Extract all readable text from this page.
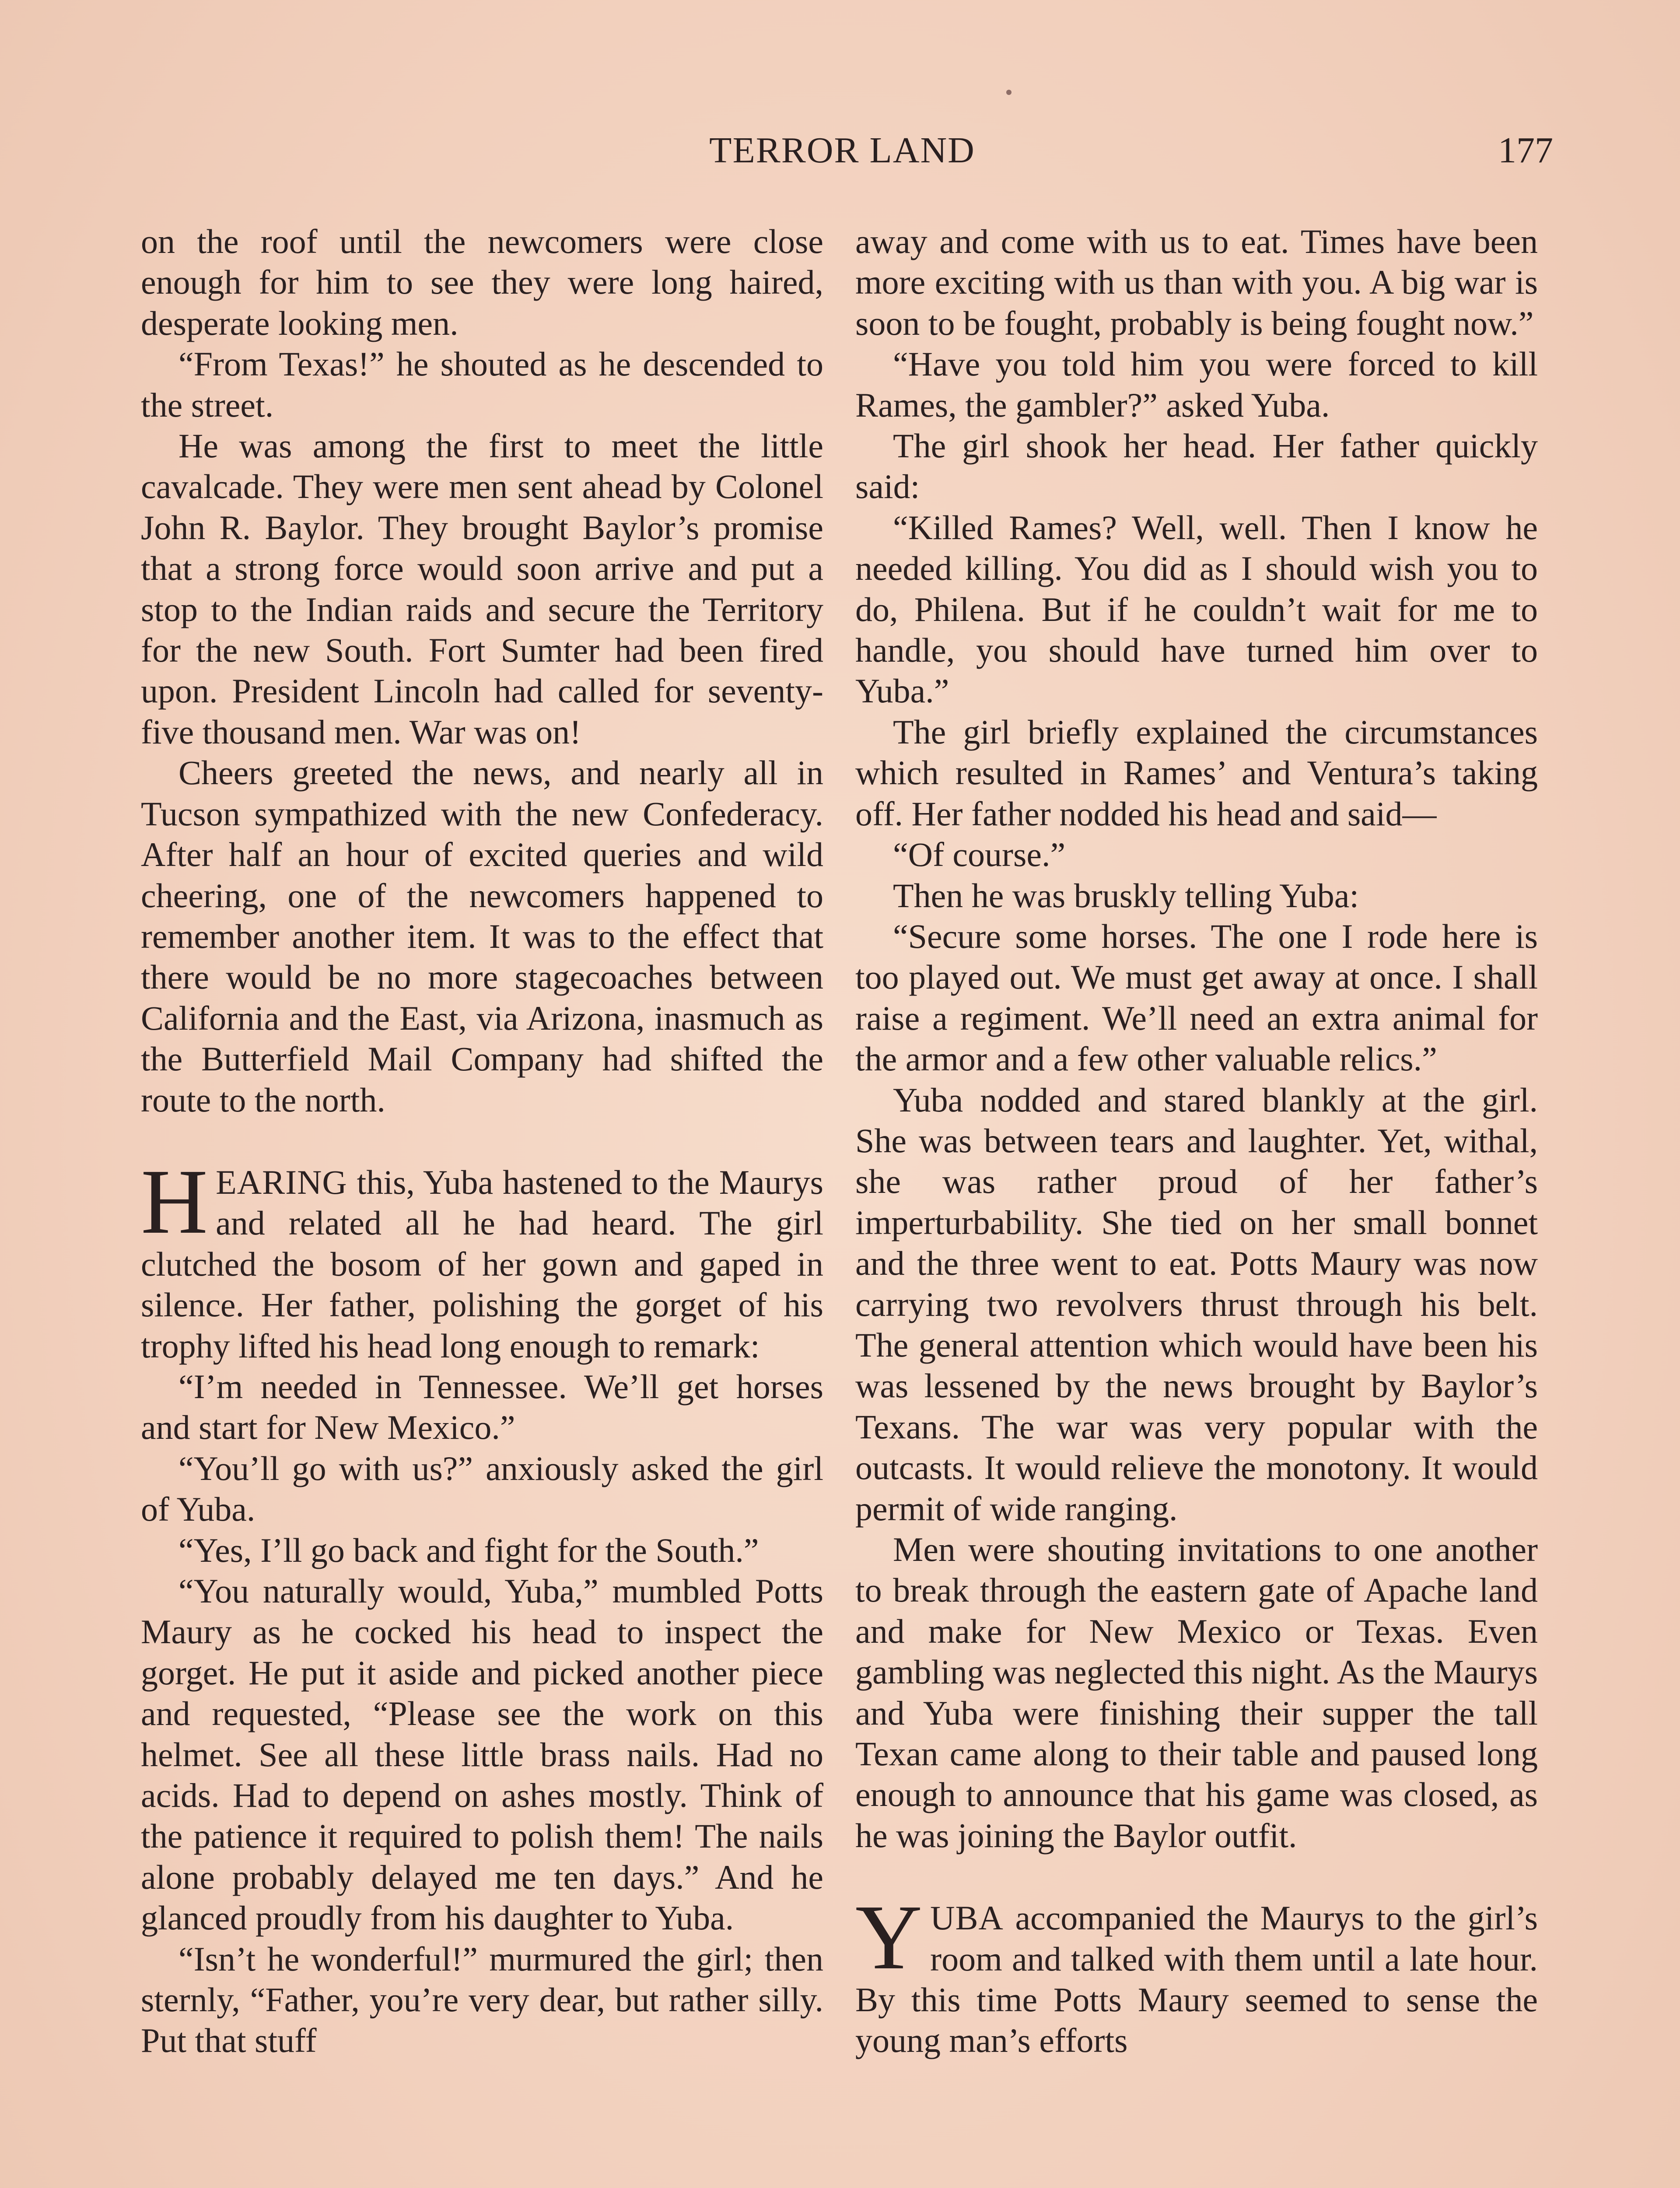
TERROR LAND	177

on the roof until the newcomers were close enough for him to see they were long haired, desperate looking men.

“From Texas!” he shouted as he descended to the street.

He was among the first to meet the little cavalcade. They were men sent ahead by Colonel John R. Baylor. They brought Baylor’s promise that a strong force would soon arrive and put a stop to the Indian raids and secure the Territory for the new South. Fort Sumter had been fired upon. President Lincoln had called for seventy-five thousand men. War was on!

Cheers greeted the news, and nearly all in Tucson sympathized with the new Confederacy. After half an hour of excited queries and wild cheering, one of the newcomers happened to remember another item. It was to the effect that there would be no more stagecoaches between California and the East, via Arizona, inasmuch as the Butterfield Mail Company had shifted the route to the north.

HEARING this, Yuba hastened to the Maurys and related all he had heard. The girl clutched the bosom of her gown and gaped in silence. Her father, polishing the gorget of his trophy lifted his head long enough to remark:

“I’m needed in Tennessee. We’ll get horses and start for New Mexico.”

“You’ll go with us?” anxiously asked the girl of Yuba.

“Yes, I’ll go back and fight for the South.”

“You naturally would, Yuba,” mumbled Potts Maury as he cocked his head to inspect the gorget. He put it aside and picked another piece and requested, “Please see the work on this helmet. See all these little brass nails. Had no acids. Had to depend on ashes mostly. Think of the patience it required to polish them! The nails alone probably delayed me ten days.” And he glanced proudly from his daughter to Yuba.

“Isn’t he wonderful!” murmured the girl; then sternly, “Father, you’re very dear, but rather silly. Put that stuff

away and come with us to eat. Times have been more exciting with us than with you. A big war is soon to be fought, probably is being fought now.”

“Have you told him you were forced to kill Rames, the gambler?” asked Yuba.

The girl shook her head. Her father quickly said:

“Killed Rames? Well, well. Then I know he needed killing. You did as I should wish you to do, Philena. But if he couldn’t wait for me to handle, you should have turned him over to Yuba.”

The girl briefly explained the circumstances which resulted in Rames’ and Ventura’s taking off. Her father nodded his head and said—

“Of course.”

Then he was bruskly telling Yuba:

“Secure some horses. The one I rode here is too played out. We must get away at once. I shall raise a regiment. We’ll need an extra animal for the armor and a few other valuable relics.”

Yuba nodded and stared blankly at the girl. She was between tears and laughter. Yet, withal, she was rather proud of her father’s imperturbability. She tied on her small bonnet and the three went to eat. Potts Maury was now carrying two revolvers thrust through his belt. The general attention which would have been his was lessened by the news brought by Baylor’s Texans. The war was very popular with the outcasts. It would relieve the monotony. It would permit of wide ranging.

Men were shouting invitations to one another to break through the eastern gate of Apache land and make for New Mexico or Texas. Even gambling was neglected this night. As the Maurys and Yuba were finishing their supper the tall Texan came along to their table and paused long enough to announce that his game was closed, as he was joining the Baylor outfit.

YUBA accompanied the Maurys to the girl’s room and talked with them until a late hour. By this time Potts Maury seemed to sense the young man’s efforts
